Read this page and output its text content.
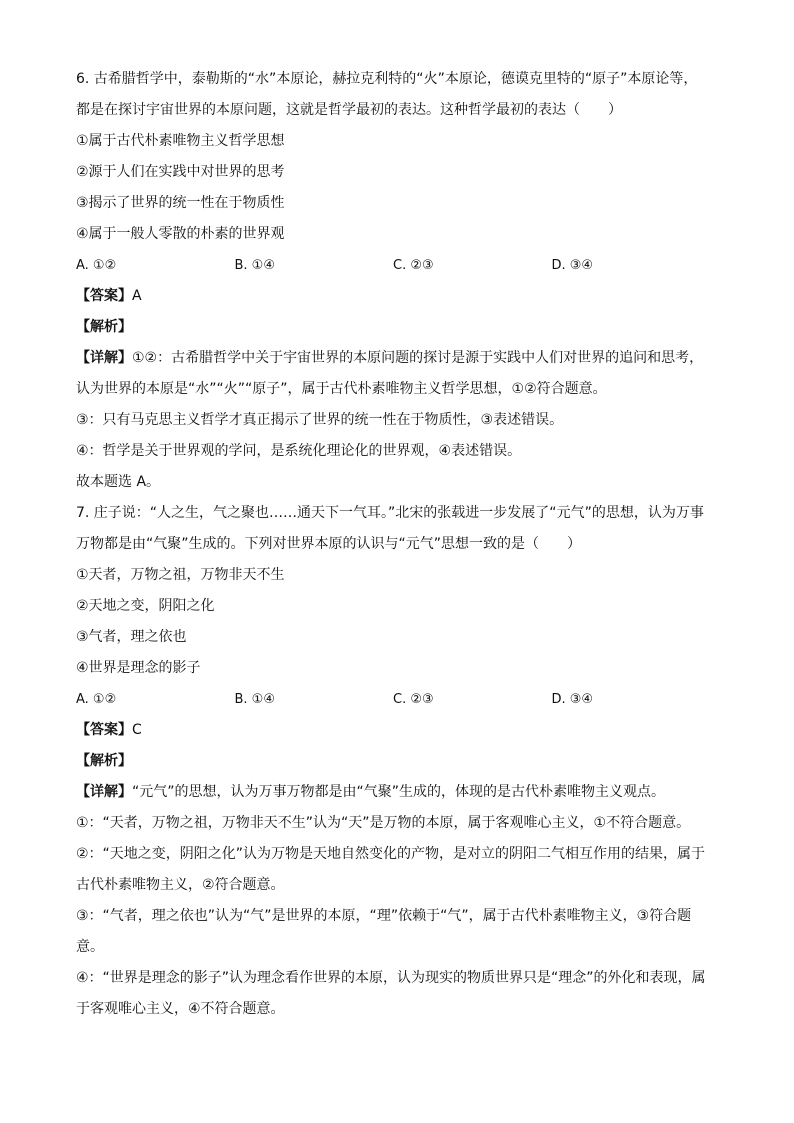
6. 古希腊哲学中，泰勒斯的“水”本原论，赫拉克利特的“火”本原论，德谟克里特的“原子”本原论等，都是在探讨宇宙世界的本原问题，这就是哲学最初的表达。这种哲学最初的表达（　　）
①属于古代朴素唯物主义哲学思想
②源于人们在实践中对世界的思考
③揭示了世界的统一性在于物质性
④属于一般人零散的朴素的世界观
A. ①②	B. ①④	C. ②③	D. ③④
【答案】A
【解析】
【详解】①②：古希腊哲学中关于宇宙世界的本原问题的探讨是源于实践中人们对世界的追问和思考，认为世界的本原是“水”“火”“原子”，属于古代朴素唯物主义哲学思想，①②符合题意。
③：只有马克思主义哲学才真正揭示了世界的统一性在于物质性，③表述错误。
④：哲学是关于世界观的学问，是系统化理论化的世界观，④表述错误。
故本题选 A。
7. 庄子说：“人之生，气之聚也……通天下一气耳。”北宋的张载进一步发展了“元气”的思想，认为万事万物都是由“气聚”生成的。下列对世界本原的认识与“元气”思想一致的是（　　）
①天者，万物之祖，万物非天不生
②天地之变，阴阳之化
③气者，理之依也
④世界是理念的影子
A. ①②	B. ①④	C. ②③	D. ③④
【答案】C
【解析】
【详解】“元气”的思想，认为万事万物都是由“气聚”生成的，体现的是古代朴素唯物主义观点。
①：“天者，万物之祖，万物非天不生”认为“天”是万物的本原，属于客观唯心主义，①不符合题意。
②：“天地之变，阴阳之化”认为万物是天地自然变化的产物，是对立的阴阳二气相互作用的结果，属于古代朴素唯物主义，②符合题意。
③：“气者，理之依也”认为“气”是世界的本原，“理”依赖于“气”，属于古代朴素唯物主义，③符合题意。
④：“世界是理念的影子”认为理念看作世界的本原，认为现实的物质世界只是“理念”的外化和表现，属于客观唯心主义，④不符合题意。
